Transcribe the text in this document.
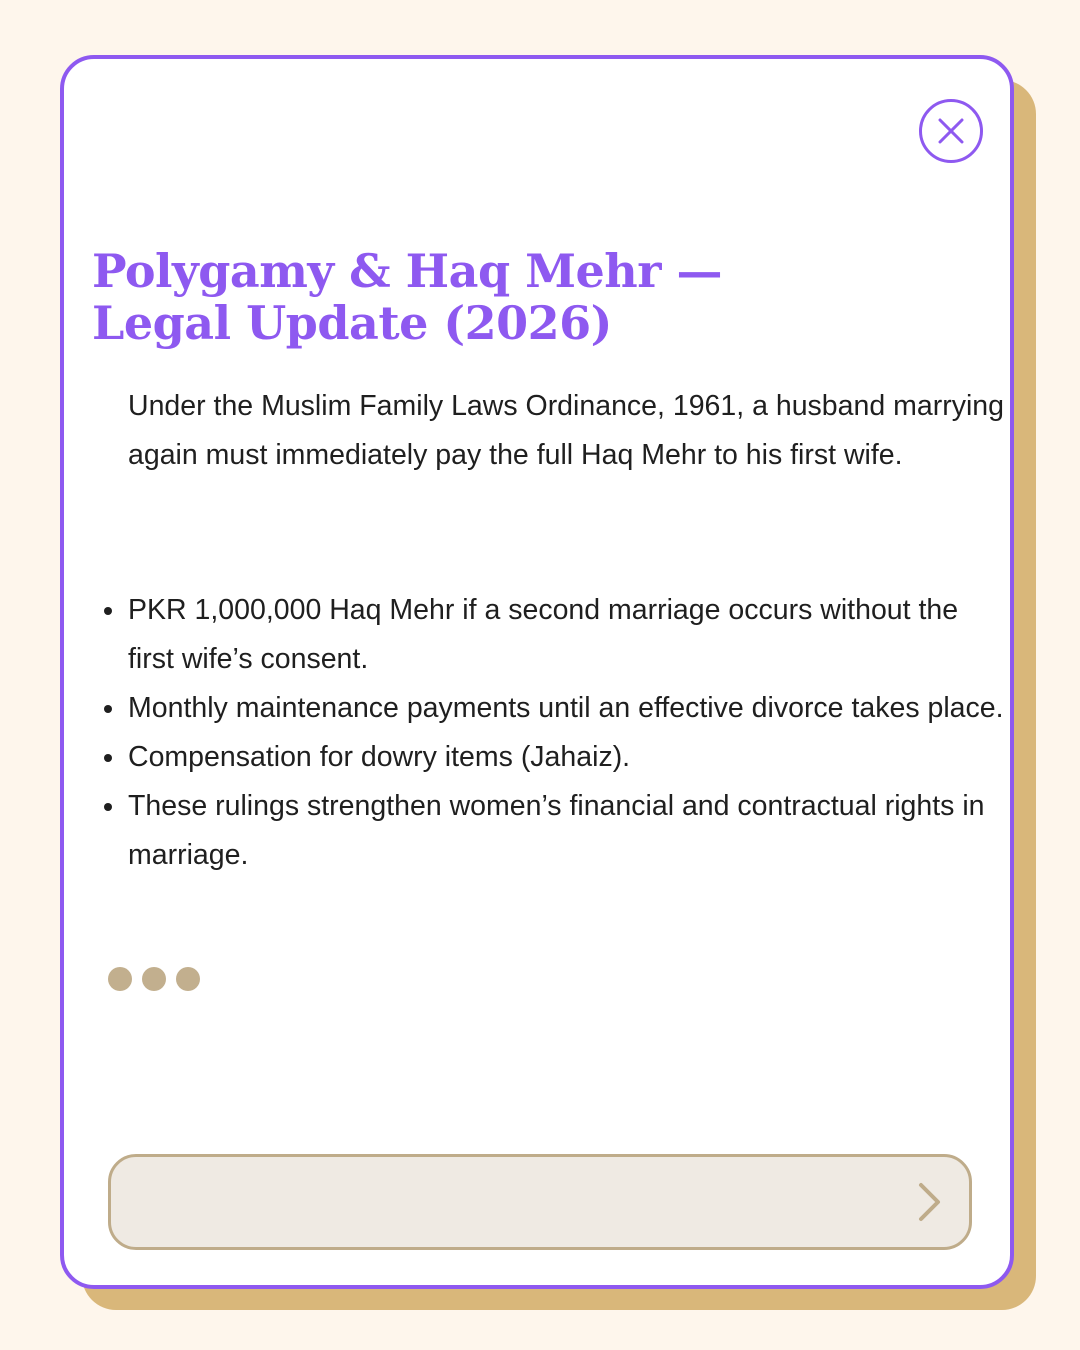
Polygamy & Haq Mehr —
Legal Update (2026)

Under the Muslim Family Laws Ordinance, 1961, a husband marrying again must immediately pay the full Haq Mehr to his first wife.

PKR 1,000,000 Haq Mehr if a second marriage occurs without the first wife’s consent.
Monthly maintenance payments until an effective divorce takes place.
Compensation for dowry items (Jahaiz).
These rulings strengthen women’s financial and contractual rights in marriage.
